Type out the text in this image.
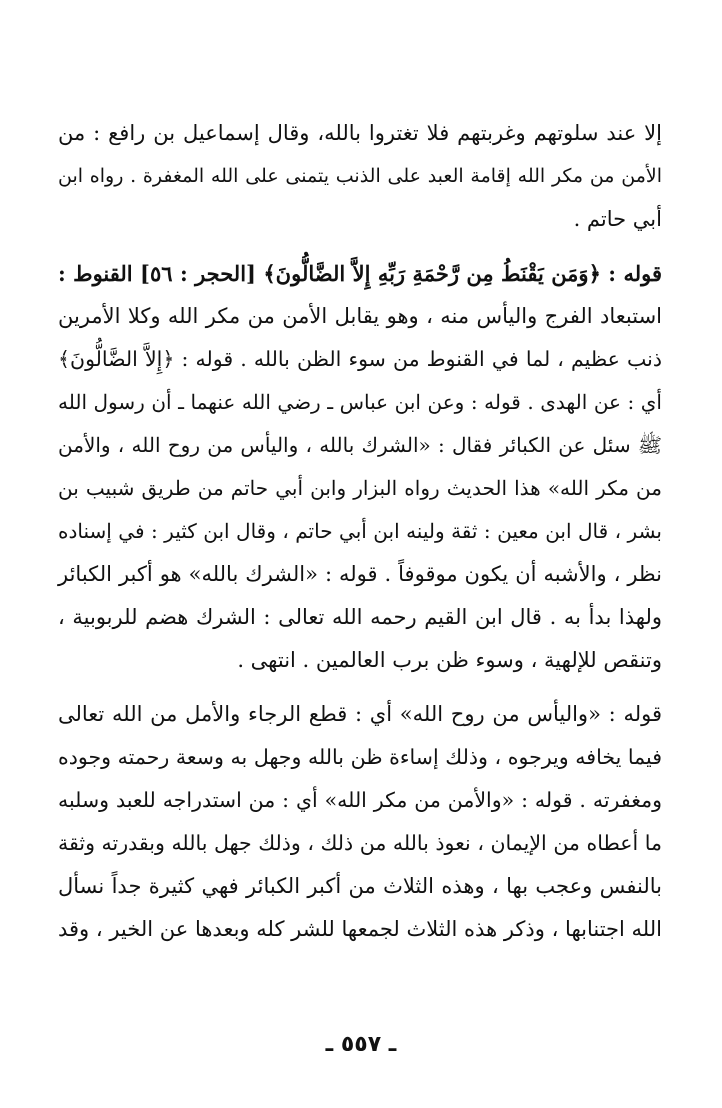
إلا عند سلوتهم وغربتهم فلا تغتروا بالله، وقال إسماعيل بن رافع : من
الأمن من مكر الله إقامة العبد على الذنب يتمنى على الله المغفرة . رواه ابن
أبي حاتم .
قوله : ﴿وَمَن يَقْنَطُ مِن رَّحْمَةِ رَبِّهِ إِلاَّ الضَّالُّونَ﴾ [الحجر : ٥٦] القنوط :
استبعاد الفرج واليأس منه ، وهو يقابل الأمن من مكر الله وكلا الأمرين
ذنب عظيم ، لما في القنوط من سوء الظن بالله . قوله : ﴿إِلاَّ الضَّالُّونَ﴾
أي : عن الهدى . قوله : وعن ابن عباس ـ رضي الله عنهما ـ أن رسول الله
ﷺ سئل عن الكبائر فقال : «الشرك بالله ، واليأس من روح الله ، والأمن
من مكر الله» هذا الحديث رواه البزار وابن أبي حاتم من طريق شبيب بن
بشر ، قال ابن معين : ثقة ولينه ابن أبي حاتم ، وقال ابن كثير : في إسناده
نظر ، والأشبه أن يكون موقوفاً . قوله : «الشرك بالله» هو أكبر الكبائر
ولهذا بدأ به . قال ابن القيم رحمه الله تعالى : الشرك هضم للربوبية ،
وتنقص للإلهية ، وسوء ظن برب العالمين . انتهى .
قوله : «واليأس من روح الله» أي : قطع الرجاء والأمل من الله تعالى
فيما يخافه ويرجوه ، وذلك إساءة ظن بالله وجهل به وسعة رحمته وجوده
ومغفرته . قوله : «والأمن من مكر الله» أي : من استدراجه للعبد وسلبه
ما أعطاه من الإيمان ، نعوذ بالله من ذلك ، وذلك جهل بالله وبقدرته وثقة
بالنفس وعجب بها ، وهذه الثلاث من أكبر الكبائر فهي كثيرة جداً نسأل
الله اجتنابها ، وذكر هذه الثلاث لجمعها للشر كله وبعدها عن الخير ، وقد
ـ ٥٥٧ ـ
